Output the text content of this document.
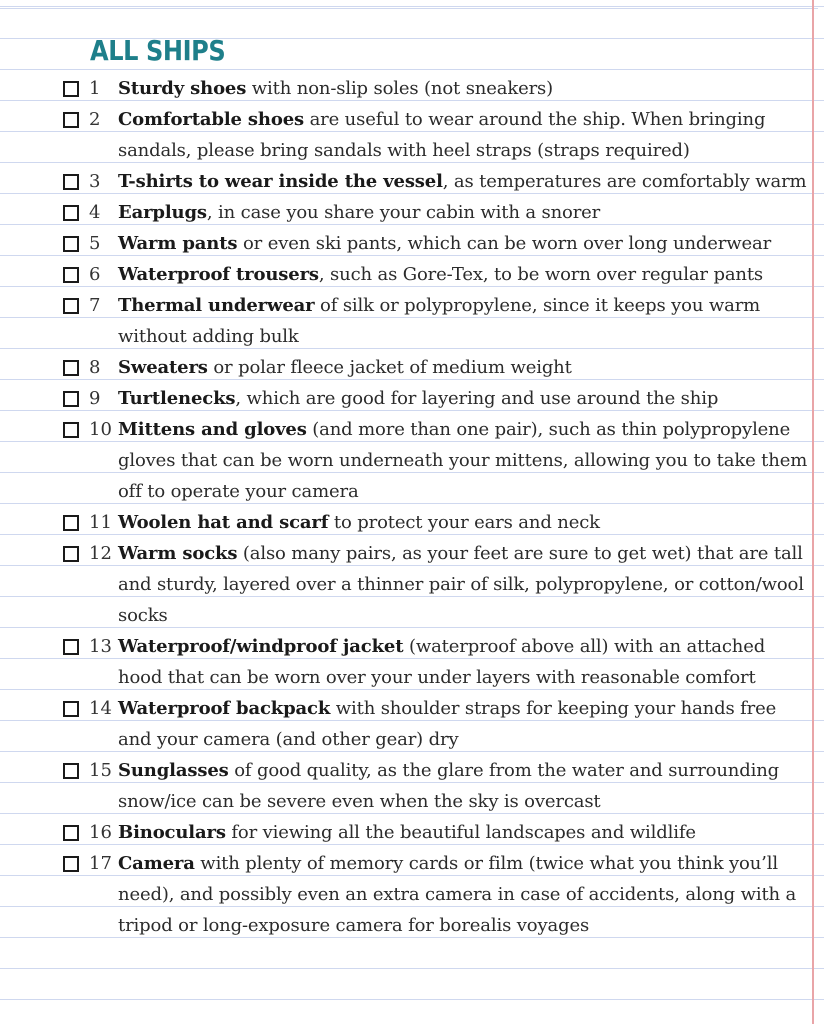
ALL SHIPS
1 Sturdy shoes with non-slip soles (not sneakers)
2 Comfortable shoes are useful to wear around the ship. When bringing sandals, please bring sandals with heel straps (straps required)
3 T-shirts to wear inside the vessel, as temperatures are comfortably warm
4 Earplugs, in case you share your cabin with a snorer
5 Warm pants or even ski pants, which can be worn over long underwear
6 Waterproof trousers, such as Gore-Tex, to be worn over regular pants
7 Thermal underwear of silk or polypropylene, since it keeps you warm without adding bulk
8 Sweaters or polar fleece jacket of medium weight
9 Turtlenecks, which are good for layering and use around the ship
10 Mittens and gloves (and more than one pair), such as thin polypropylene gloves that can be worn underneath your mittens, allowing you to take them off to operate your camera
11 Woolen hat and scarf to protect your ears and neck
12 Warm socks (also many pairs, as your feet are sure to get wet) that are tall and sturdy, layered over a thinner pair of silk, polypropylene, or cotton/wool socks
13 Waterproof/windproof jacket (waterproof above all) with an attached hood that can be worn over your under layers with reasonable comfort
14 Waterproof backpack with shoulder straps for keeping your hands free and your camera (and other gear) dry
15 Sunglasses of good quality, as the glare from the water and surrounding snow/ice can be severe even when the sky is overcast
16 Binoculars for viewing all the beautiful landscapes and wildlife
17 Camera with plenty of memory cards or film (twice what you think you’ll need), and possibly even an extra camera in case of accidents, along with a tripod or long-exposure camera for borealis voyages
